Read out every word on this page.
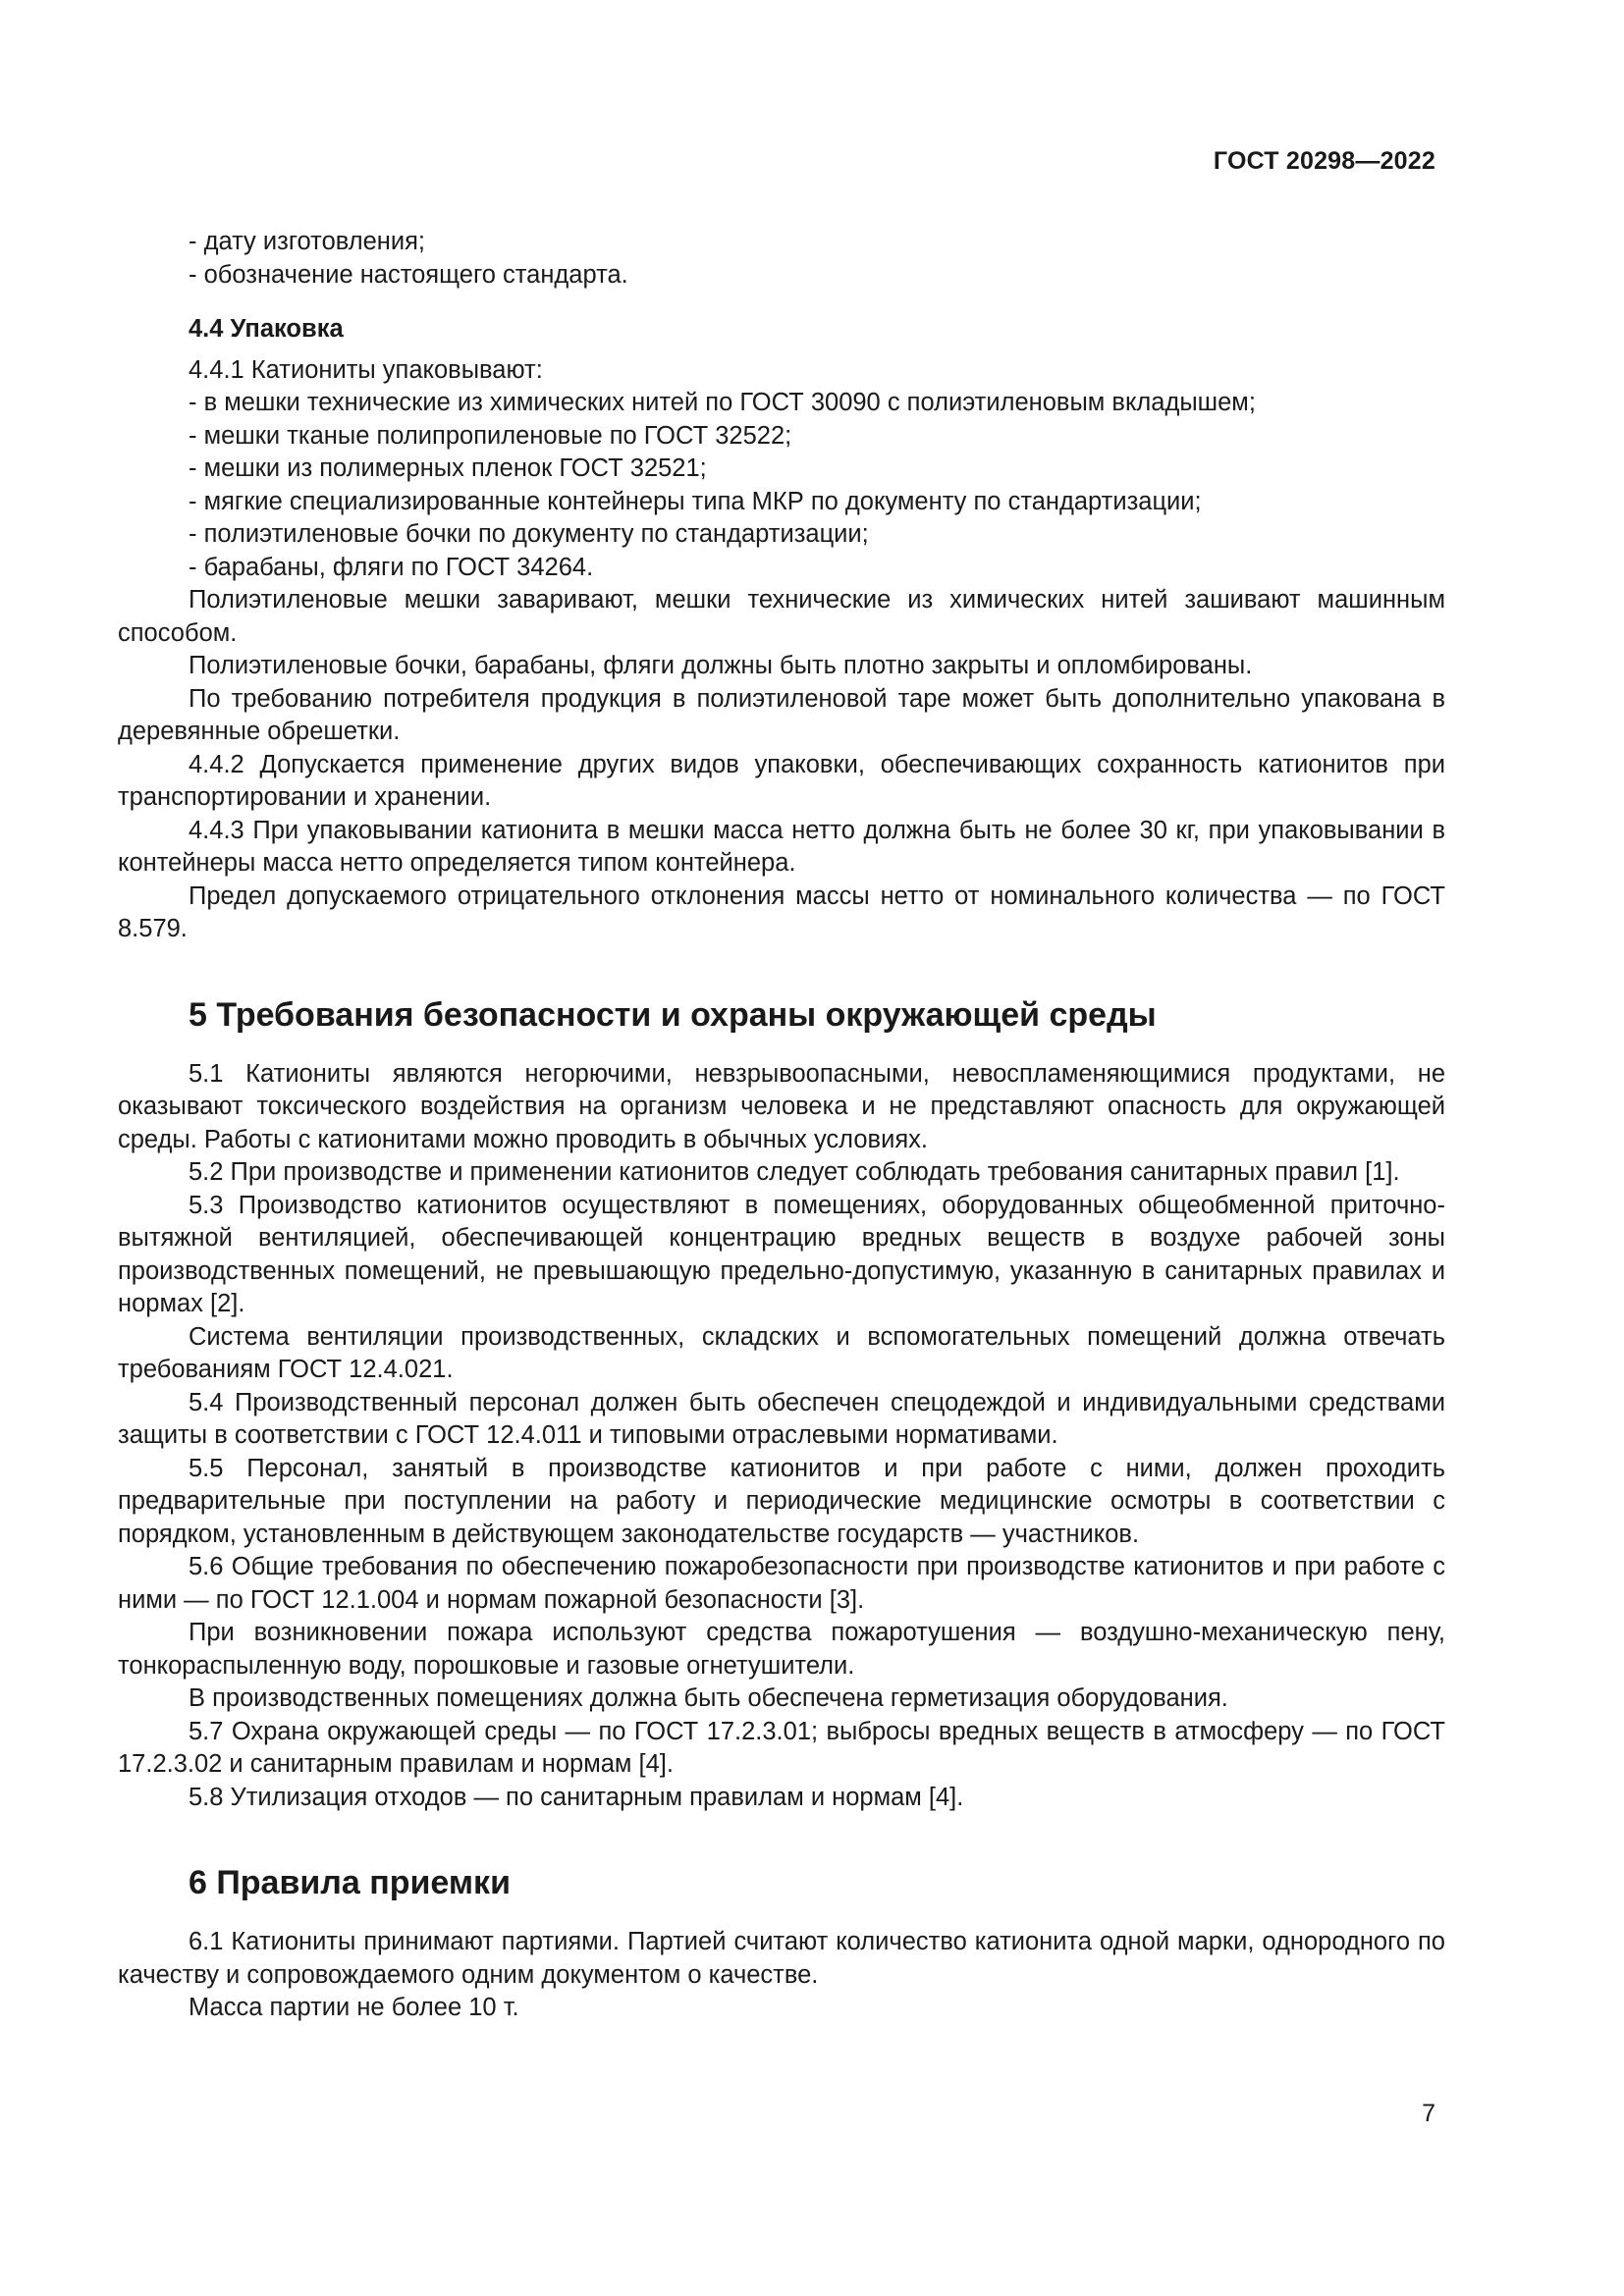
ГОСТ 20298—2022
- дату изготовления;
- обозначение настоящего стандарта.
4.4 Упаковка
4.4.1 Катиониты упаковывают:
- в мешки технические из химических нитей по ГОСТ 30090 с полиэтиленовым вкладышем;
- мешки тканые полипропиленовые по ГОСТ 32522;
- мешки из полимерных пленок ГОСТ 32521;
- мягкие специализированные контейнеры типа МКР по документу по стандартизации;
- полиэтиленовые бочки по документу по стандартизации;
- барабаны, фляги по ГОСТ 34264.

Полиэтиленовые мешки заваривают, мешки технические из химических нитей зашивают машинным способом.

Полиэтиленовые бочки, барабаны, фляги должны быть плотно закрыты и опломбированы.

По требованию потребителя продукция в полиэтиленовой таре может быть дополнительно упакована в деревянные обрешетки.

4.4.2 Допускается применение других видов упаковки, обеспечивающих сохранность катионитов при транспортировании и хранении.

4.4.3 При упаковывании катионита в мешки масса нетто должна быть не более 30 кг, при упаковывании в контейнеры масса нетто определяется типом контейнера.

Предел допускаемого отрицательного отклонения массы нетто от номинального количества — по ГОСТ 8.579.

5 Требования безопасности и охраны окружающей среды

5.1 Катиониты являются негорючими, невзрывоопасными, невоспламеняющимися продуктами, не оказывают токсического воздействия на организм человека и не представляют опасность для окружающей среды. Работы с катионитами можно проводить в обычных условиях.

5.2 При производстве и применении катионитов следует соблюдать требования санитарных правил [1].

5.3 Производство катионитов осуществляют в помещениях, оборудованных общеобменной приточно-вытяжной вентиляцией, обеспечивающей концентрацию вредных веществ в воздухе рабочей зоны производственных помещений, не превышающую предельно-допустимую, указанную в санитарных правилах и нормах [2].

Система вентиляции производственных, складских и вспомогательных помещений должна отвечать требованиям ГОСТ 12.4.021.

5.4 Производственный персонал должен быть обеспечен спецодеждой и индивидуальными средствами защиты в соответствии с ГОСТ 12.4.011 и типовыми отраслевыми нормативами.

5.5 Персонал, занятый в производстве катионитов и при работе с ними, должен проходить предварительные при поступлении на работу и периодические медицинские осмотры в соответствии с порядком, установленным в действующем законодательстве государств — участников.

5.6 Общие требования по обеспечению пожаробезопасности при производстве катионитов и при работе с ними — по ГОСТ 12.1.004 и нормам пожарной безопасности [3].

При возникновении пожара используют средства пожаротушения — воздушно-механическую пену, тонкораспыленную воду, порошковые и газовые огнетушители.

В производственных помещениях должна быть обеспечена герметизация оборудования.

5.7 Охрана окружающей среды — по ГОСТ 17.2.3.01; выбросы вредных веществ в атмосферу — по ГОСТ 17.2.3.02 и санитарным правилам и нормам [4].

5.8 Утилизация отходов — по санитарным правилам и нормам [4].

6 Правила приемки

6.1 Катиониты принимают партиями. Партией считают количество катионита одной марки, однородного по качеству и сопровождаемого одним документом о качестве.

Масса партии не более 10 т.

7
